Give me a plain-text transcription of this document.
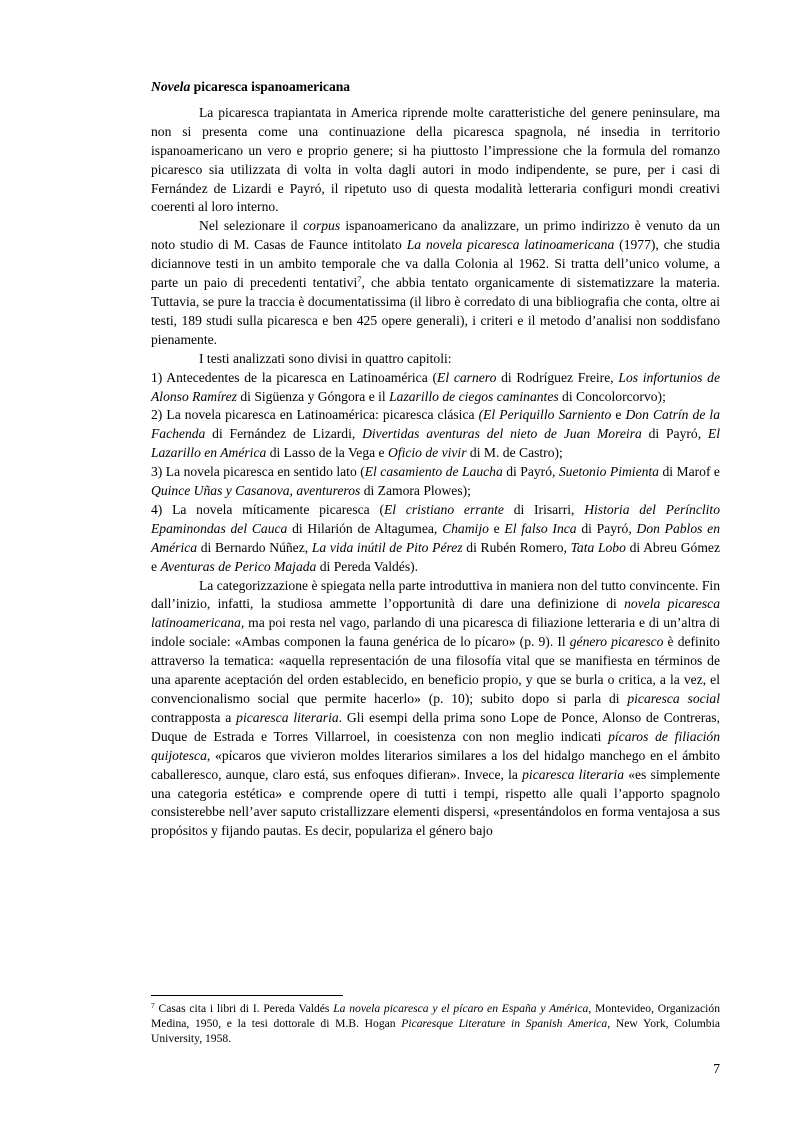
Novela picaresca ispanoamericana

La picaresca trapiantata in America riprende molte caratteristiche del genere peninsulare, ma non si presenta come una continuazione della picaresca spagnola, né insedia in territorio ispanoamericano un vero e proprio genere; si ha piuttosto l’impressione che la formula del romanzo picaresco sia utilizzata di volta in volta dagli autori in modo indipendente, se pure, per i casi di Fernández de Lizardi e Payró, il ripetuto uso di questa modalità letteraria configuri mondi creativi coerenti al loro interno.

Nel selezionare il corpus ispanoamericano da analizzare, un primo indirizzo è venuto da un noto studio di M. Casas de Faunce intitolato La novela picaresca latinoamericana (1977), che studia diciannove testi in un ambito temporale che va dalla Colonia al 1962. Si tratta dell’unico volume, a parte un paio di precedenti tentativi$^7$, che abbia tentato organicamente di sistematizzare la materia. Tuttavia, se pure la traccia è documentatissima (il libro è corredato di una bibliografia che conta, oltre ai testi, 189 studi sulla picaresca e ben 425 opere generali), i criteri e il metodo d’analisi non soddisfano pienamente.

I testi analizzati sono divisi in quattro capitoli:

1) Antecedentes de la picaresca en Latinoamérica (El carnero di Rodríguez Freire, Los infortunios de Alonso Ramírez di Sigüenza y Góngora e il Lazarillo de ciegos caminantes di Concolorcorvo);

2) La novela picaresca en Latinoamérica: picaresca clásica (El Periquillo Sarniento e Don Catrín de la Fachenda di Fernández de Lizardi, Divertidas aventuras del nieto de Juan Moreira di Payró, El Lazarillo en América di Lasso de la Vega e Oficio de vivir di M. de Castro);

3) La novela picaresca en sentido lato (El casamiento de Laucha di Payró, Suetonio Pimienta di Marof e Quince Uñas y Casanova, aventureros di Zamora Plowes);

4) La novela míticamente picaresca (El cristiano errante di Irisarri, Historia del Perínclito Epaminondas del Cauca di Hilarión de Altagumea, Chamijo e El falso Inca di Payró, Don Pablos en América di Bernardo Núñez, La vida inútil de Pito Pérez di Rubén Romero, Tata Lobo di Abreu Gómez e Aventuras de Perico Majada di Pereda Valdés).

La categorizzazione è spiegata nella parte introduttiva in maniera non del tutto convincente. Fin dall’inizio, infatti, la studiosa ammette l’opportunità di dare una definizione di novela picaresca latinoamericana, ma poi resta nel vago, parlando di una picaresca di filiazione letteraria e di un’altra di indole sociale: «Ambas componen la fauna genérica de lo pícaro» (p. 9). Il género picaresco è definito attraverso la tematica: «aquella representación de una filosofía vital que se manifiesta en términos de una aparente aceptación del orden establecido, en beneficio propio, y que se burla o critica, a la vez, el convencionalismo social que permite hacerlo» (p. 10); subito dopo si parla di picaresca social contrapposta a picaresca literaria. Gli esempi della prima sono Lope de Ponce, Alonso de Contreras, Duque de Estrada e Torres Villarroel, in coesistenza con non meglio indicati pícaros de filiación quijotesca, «pícaros que vivieron moldes literarios similares a los del hidalgo manchego en el ámbito caballeresco, aunque, claro está, sus enfoques difieran». Invece, la picaresca literaria «es simplemente una categoria estética» e comprende opere di tutti i tempi, rispetto alle quali l’apporto spagnolo consisterebbe nell’aver saputo cristallizzare elementi dispersi, «presentándolos en forma ventajosa a sus propósitos y fijando pautas. Es decir, populariza el género bajo

$^7$ Casas cita i libri di I. Pereda Valdés La novela picaresca y el pícaro en España y América, Montevideo, Organización Medina, 1950, e la tesi dottorale di M.B. Hogan Picaresque Literature in Spanish America, New York, Columbia University, 1958.

7
